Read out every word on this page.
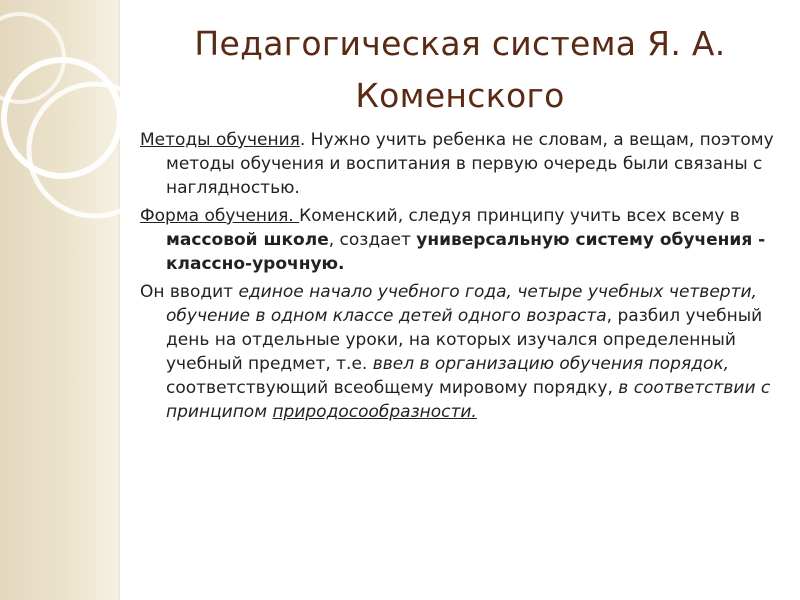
Педагогическая система Я. А. Коменского

Методы обучения. Нужно учить ребенка не словам, а вещам, поэтому методы обучения и воспитания в первую очередь были связаны с наглядностью.

Форма обучения. Коменский, следуя принципу учить всех всему в массовой школе, создает универсальную систему обучения - классно-урочную.

Он вводит единое начало учебного года, четыре учебных четверти, обучение в одном классе детей одного возраста, разбил учебный день на отдельные уроки, на которых изучался определенный учебный предмет, т.е. ввел в организацию обучения порядок, соответствующий всеобщему мировому порядку, в соответствии с принципом природосообразности.
